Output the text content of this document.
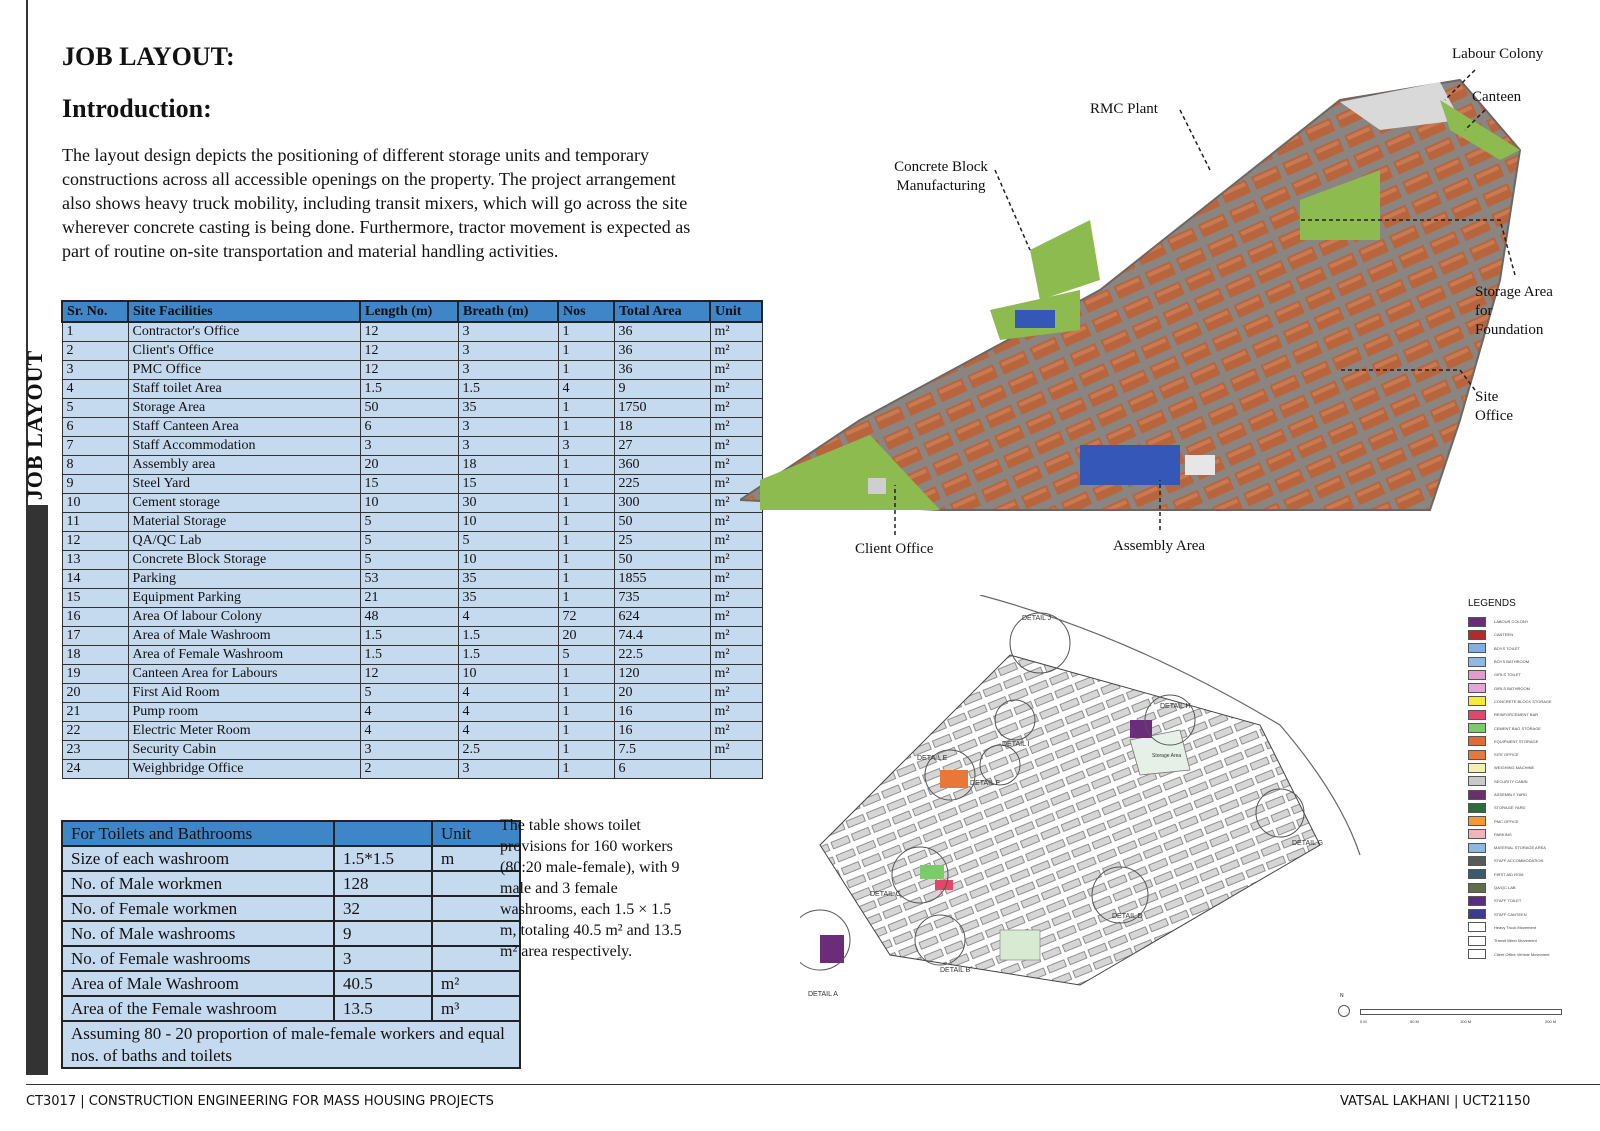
JOB LAYOUT
JOB LAYOUT:
Introduction:

The layout design depicts the positioning of different storage units and temporary constructions across all accessible openings on the property. The project arrangement also shows heavy truck mobility, including transit mixers, which will go across the site wherever concrete casting is being done. Furthermore, tractor movement is expected as part of routine on-site transportation and material handling activities.

Sr. No.	Site Facilities	Length (m)	Breath (m)	Nos	Total Area	Unit
1	Contractor's Office	12	3	1	36	m²
2	Client's Office	12	3	1	36	m²
3	PMC Office	12	3	1	36	m²
4	Staff toilet Area	1.5	1.5	4	9	m²
5	Storage Area	50	35	1	1750	m²
6	Staff Canteen Area	6	3	1	18	m²
7	Staff Accommodation	3	3	3	27	m²
8	Assembly area	20	18	1	360	m²
9	Steel Yard	15	15	1	225	m²
10	Cement storage	10	30	1	300	m²
11	Material Storage	5	10	1	50	m²
12	QA/QC Lab	5	5	1	25	m²
13	Concrete Block Storage	5	10	1	50	m²
14	Parking	53	35	1	1855	m²
15	Equipment Parking	21	35	1	735	m²
16	Area Of labour Colony	48	4	72	624	m²
17	Area of Male Washroom	1.5	1.5	20	74.4	m²
18	Area of Female Washroom	1.5	1.5	5	22.5	m²
19	Canteen Area for Labours	12	10	1	120	m²
20	First Aid Room	5	4	1	20	m²
21	Pump room	4	4	1	16	m²
22	Electric Meter Room	4	4	1	16	m²
23	Security Cabin	3	2.5	1	7.5	m²
24	Weighbridge Office	2	3	1	6	
For Toilets and Bathrooms		Unit
Size of each washroom	1.5*1.5	m
No. of Male workmen	128	
No. of Female workmen	32	
No. of Male washrooms	9	
No. of Female washrooms	3	
Area of Male Washroom	40.5	m²
Area of the Female washroom	13.5	m³
Assuming 80 - 20 proportion of male-female workers and equal nos. of baths and toilets		

The table shows toilet provisions for 160 workers (80:20 male-female), with 9 male and 3 female washrooms, each 1.5 × 1.5 m, totaling 40.5 m² and 13.5 m² area respectively.

Labour Colony
Canteen
RMC Plant
Concrete Block Manufacturing
Storage Area for Foundation
Site Office
Client Office	Assembly Area
N
DETAIL A
DETAIL B
DETAIL C
DETAIL D
DETAIL E
DETAIL F
DETAIL G
DETAIL H
DETAIL I
DETAIL J
Storage Area
0 M	50 M	100 M	200 M
LEGENDS
LABOUR COLONY
CANTEEN
BOYS TOILET
BOYS BATHROOM
GIRLS TOILET
GIRLS BATHROOM
CONCRETE BLOCK STORAGE
REINFORCEMENT BAR
CEMENT BAG STORAGE
EQUIPMENT STORAGE
SITE OFFICE
WEIGHING MACHINE
SECURITY CABIN
ASSEMBLY YARD
STORAGE YARD
PMC OFFICE
PARKING
MATERIAL STORAGE AREA
STAFF ACCOMMODATION
FIRST AID ROM
QA/QC LAB
STAFF TOILET
STAFF CANTEEN
Heavy Truck Movement
Transit Mixer Movement
Client Office Vehicle Movement
CT3017 | CONSTRUCTION ENGINEERING FOR MASS HOUSING PROJECTS	VATSAL LAKHANI | UCT21150
